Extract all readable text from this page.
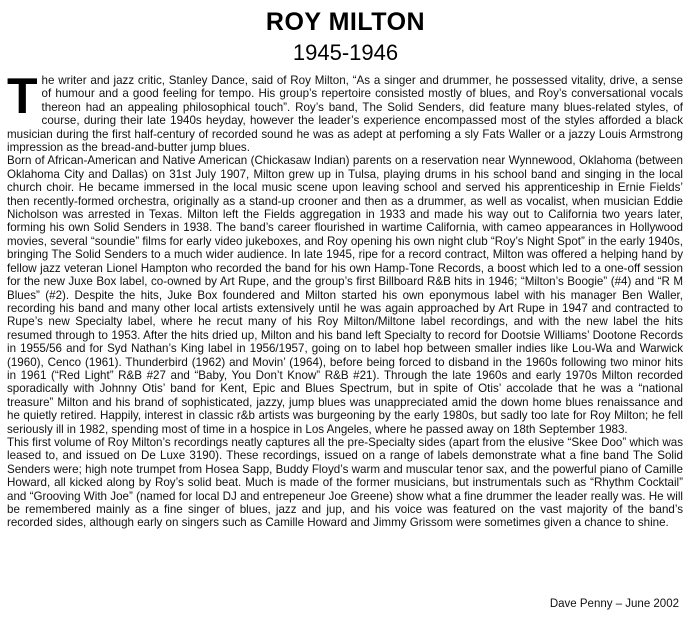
ROY MILTON
1945-1946

The writer and jazz critic, Stanley Dance, said of Roy Milton, “As a singer and drummer, he possessed vitality, drive, a sense of humour and a good feeling for tempo. His group’s repertoire consisted mostly of blues, and Roy’s conversational vocals thereon had an appealing philosophical touch”. Roy’s band, The Solid Senders, did feature many blues-related styles, of course, during their late 1940s heyday, however the leader’s experience encompassed most of the styles afforded a black musician during the first half-century of recorded sound he was as adept at perfoming a sly Fats Waller or a jazzy Louis Armstrong impression as the bread-and-butter jump blues.

Born of African-American and Native American (Chickasaw Indian) parents on a reservation near Wynnewood, Oklahoma (between Oklahoma City and Dallas) on 31st July 1907, Milton grew up in Tulsa, playing drums in his school band and singing in the local church choir. He became immersed in the local music scene upon leaving school and served his apprenticeship in Ernie Fields’ then recently-formed orchestra, originally as a stand-up crooner and then as a drummer, as well as vocalist, when musician Eddie Nicholson was arrested in Texas. Milton left the Fields aggregation in 1933 and made his way out to California two years later, forming his own Solid Senders in 1938. The band’s career flourished in wartime California, with cameo appearances in Hollywood movies, several “soundie” films for early video jukeboxes, and Roy opening his own night club “Roy’s Night Spot” in the early 1940s, bringing The Solid Senders to a much wider audience. In late 1945, ripe for a record contract, Milton was offered a helping hand by fellow jazz veteran Lionel Hampton who recorded the band for his own Hamp-Tone Records, a boost which led to a one-off session for the new Juxe Box label, co-owned by Art Rupe, and the group’s first Billboard R&B hits in 1946; “Milton’s Boogie” (#4) and “R M Blues” (#2). Despite the hits, Juke Box foundered and Milton started his own eponymous label with his manager Ben Waller, recording his band and many other local artists extensively until he was again approached by Art Rupe in 1947 and contracted to Rupe’s new Specialty label, where he recut many of his Roy Milton/Miltone label recordings, and with the new label the hits resumed through to 1953. After the hits dried up, Milton and his band left Specialty to record for Dootsie Williams’ Dootone Records in 1955/56 and for Syd Nathan’s King label in 1956/1957, going on to label hop between smaller indies like Lou-Wa and Warwick (1960), Cenco (1961). Thunderbird (1962) and Movin’ (1964), before being forced to disband in the 1960s following two minor hits in 1961 (“Red Light” R&B #27 and “Baby, You Don’t Know” R&B #21). Through the late 1960s and early 1970s Milton recorded sporadically with Johnny Otis’ band for Kent, Epic and Blues Spectrum, but in spite of Otis’ accolade that he was a “national treasure” Milton and his brand of sophisticated, jazzy, jump blues was unappreciated amid the down home blues renaissance and he quietly retired. Happily, interest in classic r&b artists was burgeoning by the early 1980s, but sadly too late for Roy Milton; he fell seriously ill in 1982, spending most of time in a hospice in Los Angeles, where he passed away on 18th September 1983.

This first volume of Roy Milton’s recordings neatly captures all the pre-Specialty sides (apart from the elusive “Skee Doo” which was leased to, and issued on De Luxe 3190). These recordings, issued on a range of labels demonstrate what a fine band The Solid Senders were; high note trumpet from Hosea Sapp, Buddy Floyd’s warm and muscular tenor sax, and the powerful piano of Camille Howard, all kicked along by Roy’s solid beat. Much is made of the former musicians, but instrumentals such as “Rhythm Cocktail” and “Grooving With Joe” (named for local DJ and entrepeneur Joe Greene) show what a fine drummer the leader really was. He will be remembered mainly as a fine singer of blues, jazz and jup, and his voice was featured on the vast majority of the band’s recorded sides, although early on singers such as Camille Howard and Jimmy Grissom were sometimes given a chance to shine.

Dave Penny – June 2002
